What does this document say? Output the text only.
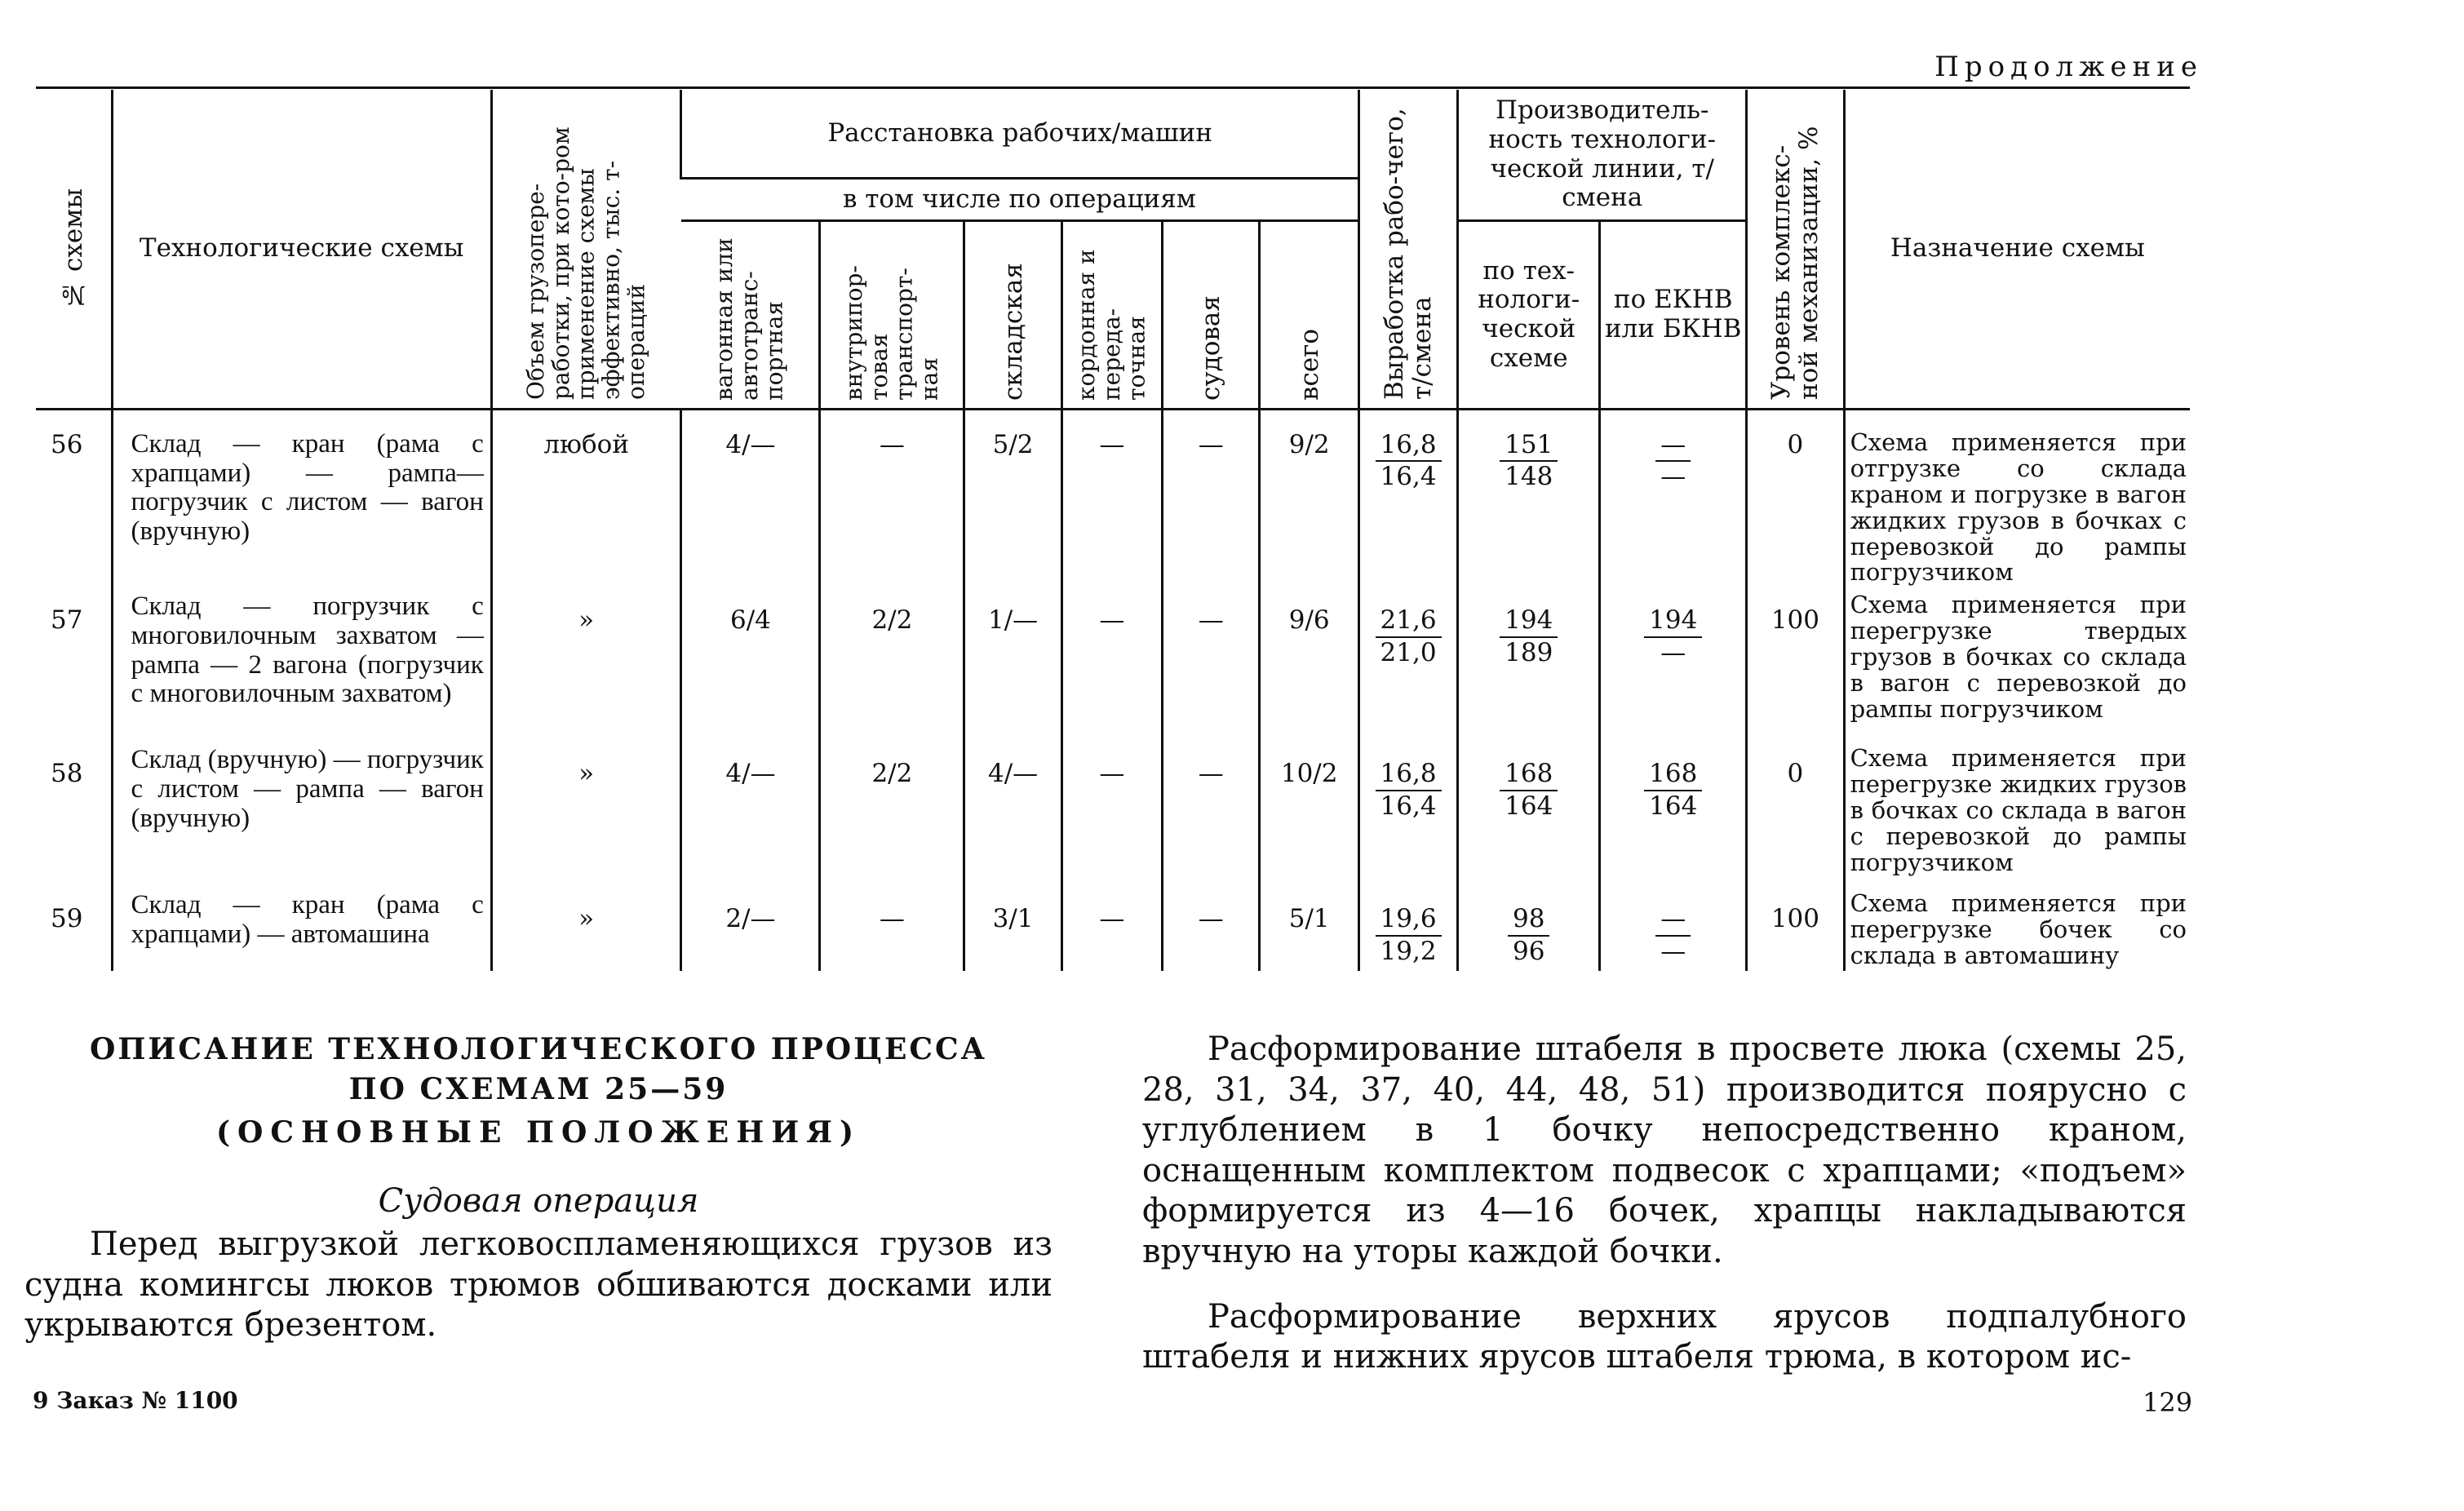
Продолжение
№ схемы	Технологические схемы	Объем грузопере-работки, при кото-ром применение схемы эффективно, тыс. т-операций	Расстановка рабочих/машин						Выработка рабо-чего, т/смена	Производитель-ность технологи-ческой линии, т/смена		Уровень комплекс-ной механизации, %	Назначение схемы
			в том числе по операциям										

			вагонная или автотранс-портная	внутрипор-товая транспорт-ная	складская	кордонная и переда-точная	судовая	всего		по тех-нологи-ческой схеме	по ЕКНВ или БКНВ		
56	Склад — кран (рама с храпцами) — рампа—погрузчик с листом — вагон (вручную)	любой	4/—	—	5/2	—	—	9/2	$\frac{16,8}{16,4}$	$\frac{151}{148}$	$\frac{—}{—}$	0	Схема применяется при отгрузке со склада краном и погрузке в вагон жидких грузов в бочках с перевозкой до рампы погрузчиком
57	Склад — погрузчик с многовилочным захватом — рампа — 2 вагона (погрузчик с многовилочным захватом)	»	6/4	2/2	1/—	—	—	9/6	$\frac{21,6}{21,0}$	$\frac{194}{189}$	$\frac{194}{—}$	100	Схема применяется при перегрузке твердых грузов в бочках со склада в вагон с перевозкой до рампы погрузчиком
58	Склад (вручную) — погрузчик с листом — рампа — вагон (вручную)	»	4/—	2/2	4/—	—	—	10/2	$\frac{16,8}{16,4}$	$\frac{168}{164}$	$\frac{168}{164}$	0	Схема применяется при перегрузке жидких грузов в бочках со склада в вагон с перевозкой до рампы погрузчиком
59	Склад — кран (рама с храпцами) — автомашина	»	2/—	—	3/1	—	—	5/1	$\frac{19,6}{19,2}$	$\frac{98}{96}$	$\frac{—}{—}$	100	Схема применяется при перегрузке бочек со склада в автомашину

ОПИСАНИЕ ТЕХНОЛОГИЧЕСКОГО ПРОЦЕССА

ПО СХЕМАМ 25—59

(ОСНОВНЫЕ ПОЛОЖЕНИЯ)

Судовая операция

Перед выгрузкой легковоспламеняющихся грузов из судна комингсы люков трюмов обшиваются досками или укрываются брезентом.

Расформирование штабеля в просвете люка (схемы 25, 28, 31, 34, 37, 40, 44, 48, 51) производится поярусно с углублением в 1 бочку непосредственно краном, оснащенным комплектом подвесок с храпцами; «подъем» формируется из 4—16 бочек, храпцы накладываются вручную на уторы каждой бочки.

Расформирование верхних ярусов подпалубного штабеля и нижних ярусов штабеля трюма, в котором ис-

9 Заказ № 1100	129
